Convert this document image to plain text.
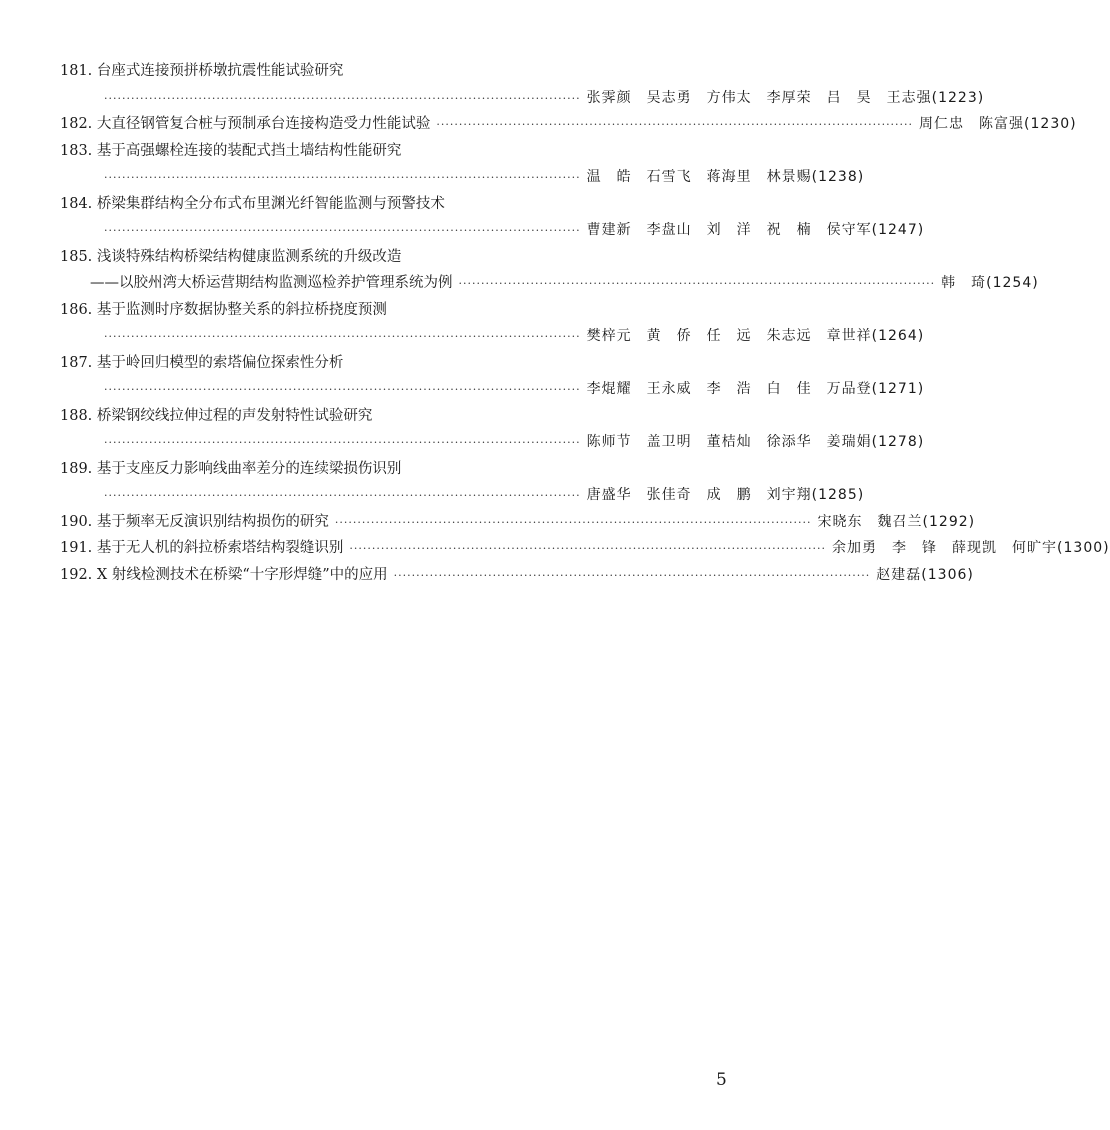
181. 台座式连接预拼桥墩抗震性能试验研究
·········································································································· 张霁颜　吴志勇　方伟太　李厚荣　吕　昊　王志强(1223)
182. 大直径钢管复合桩与预制承台连接构造受力性能试验 ·········································································································· 周仁忠　陈富强(1230)
183. 基于高强螺栓连接的装配式挡土墙结构性能研究
·········································································································· 温　皓　石雪飞　蒋海里　林景赐(1238)
184. 桥梁集群结构全分布式布里渊光纤智能监测与预警技术
·········································································································· 曹建新　李盘山　刘　洋　祝　楠　侯守军(1247)
185. 浅谈特殊结构桥梁结构健康监测系统的升级改造
——以胶州湾大桥运营期结构监测巡检养护管理系统为例 ·········································································································· 韩　琦(1254)
186. 基于监测时序数据协整关系的斜拉桥挠度预测
·········································································································· 樊梓元　黄　侨　任　远　朱志远　章世祥(1264)
187. 基于岭回归模型的索塔偏位探索性分析
·········································································································· 李焜耀　王永威　李　浩　白　佳　万品登(1271)
188. 桥梁钢绞线拉伸过程的声发射特性试验研究
·········································································································· 陈师节　盖卫明　董桔灿　徐添华　姜瑞娟(1278)
189. 基于支座反力影响线曲率差分的连续梁损伤识别
·········································································································· 唐盛华　张佳奇　成　鹏　刘宇翔(1285)
190. 基于频率无反演识别结构损伤的研究 ·········································································································· 宋晓东　魏召兰(1292)
191. 基于无人机的斜拉桥索塔结构裂缝识别 ·········································································································· 余加勇　李　锋　薛现凯　何旷宇(1300)
192. X 射线检测技术在桥梁“十字形焊缝”中的应用 ·········································································································· 赵建磊(1306)
5
